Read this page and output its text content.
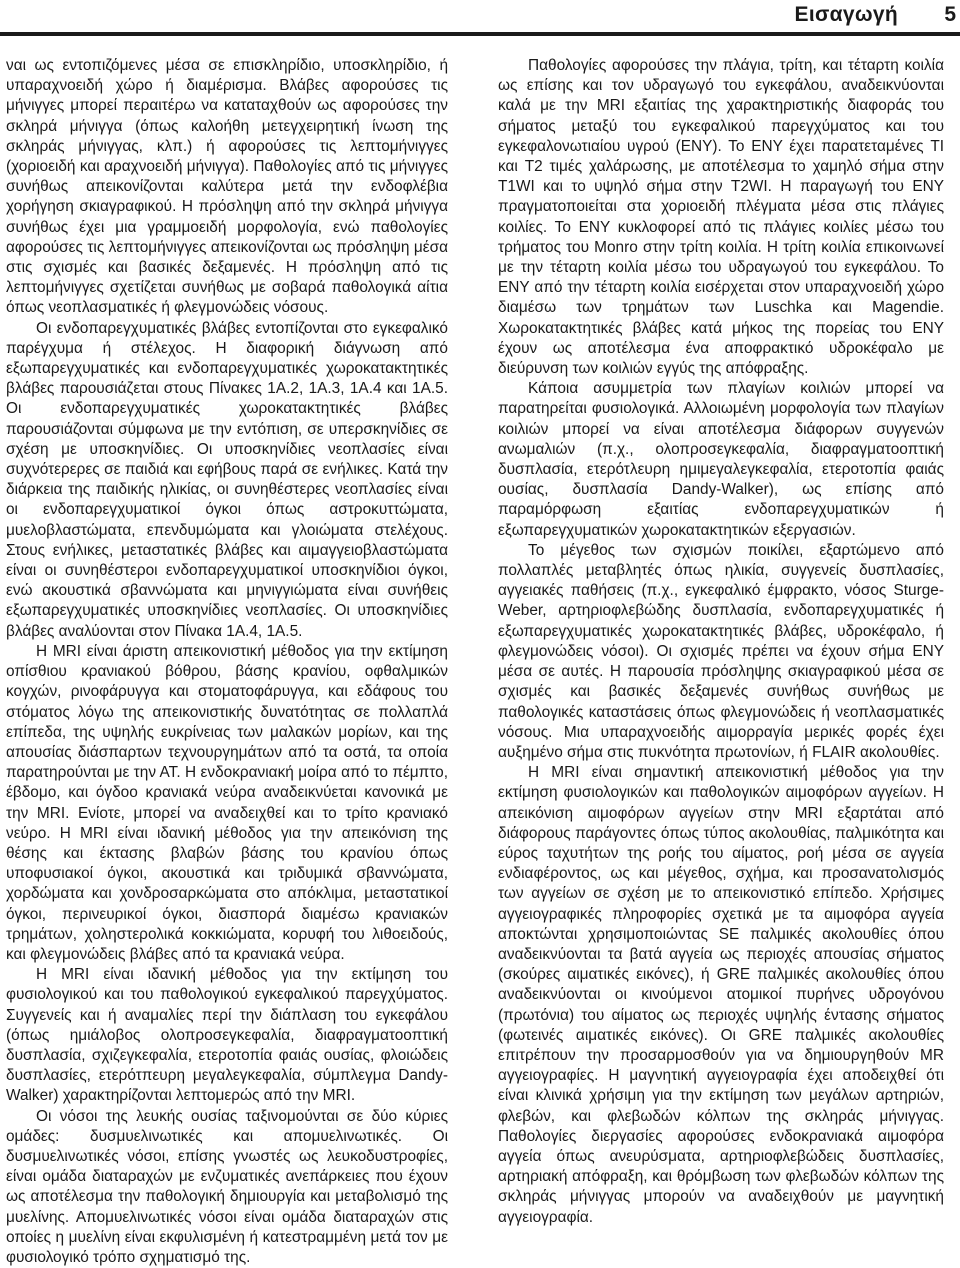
Εισαγωγή 5

ναι ως εντοπιζόμενες μέσα σε επισκληρίδιο, υποσκληρίδιο, ή υπαραχνοειδή χώρο ή διαμέρισμα. Βλάβες αφορούσες τις μήνιγγες μπορεί περαιτέρω να καταταχθούν ως αφορούσες την σκληρά μήνιγγα (όπως καλοήθη μετεγχειρητική ίνωση της σκληράς μήνιγγας, κλπ.) ή αφορούσες τις λεπτομήνιγγες (χοριοειδή και αραχνοειδή μήνιγγα). Παθολογίες από τις μήνιγγες συνήθως απεικονίζονται καλύτερα μετά την ενδοφλέβια χορήγηση σκιαγραφικού. Η πρόσληψη από την σκληρά μήνιγγα συνήθως έχει μια γραμμοειδή μορφολογία, ενώ παθολογίες αφορούσες τις λεπτομήνιγγες απεικονίζονται ως πρόσληψη μέσα στις σχισμές και βασικές δεξαμενές. Η πρόσληψη από τις λεπτομήνιγγες σχετίζεται συνήθως με σοβαρά παθολογικά αίτια όπως νεοπλασματικές ή φλεγμονώδεις νόσους.

Οι ενδοπαρεγχυματικές βλάβες εντοπίζονται στο εγκεφαλικό παρέγχυμα ή στέλεχος. Η διαφορική διάγνωση από εξωπαρεγχυματικές και ενδοπαρεγχυματικές χωροκατακτητικές βλάβες παρουσιάζεται στους Πίνακες 1Α.2, 1Α.3, 1Α.4 και 1Α.5. Οι ενδοπαρεγχυματικές χωροκατακτητικές βλάβες παρουσιάζονται σύμφωνα με την εντόπιση, σε υπερσκηνίδιες σε σχέση με υποσκηνίδιες. Οι υποσκηνίδιες νεοπλασίες είναι συχνότερερες σε παιδιά και εφήβους παρά σε ενήλικες. Κατά την διάρκεια της παιδικής ηλικίας, οι συνηθέστερες νεοπλασίες είναι οι ενδοπαρεγχυματικοί όγκοι όπως αστροκυττώματα, μυελοβλαστώματα, επενδυμώματα και γλοιώματα στελέχους. Στους ενήλικες, μεταστατικές βλάβες και αιμαγγειοβλαστώματα είναι οι συνηθέστεροι ενδοπαρεγχυματικοί υποσκηνίδιοι όγκοι, ενώ ακουστικά σβαννώματα και μηνιγγιώματα είναι συνήθεις εξωπαρεγχυματικές υποσκηνίδιες νεοπλασίες. Οι υποσκηνίδιες βλάβες αναλύονται στον Πίνακα 1Α.4, 1Α.5.

Η MRI είναι άριστη απεικονιστική μέθοδος για την εκτίμηση οπίσθιου κρανιακού βόθρου, βάσης κρανίου, οφθαλμικών κογχών, ρινοφάρυγγα και στοματοφάρυγγα, και εδάφους του στόματος λόγω της απεικονιστικής δυνατότητας σε πολλαπλά επίπεδα, της υψηλής ευκρίνειας των μαλακών μορίων, και της απουσίας διάσπαρτων τεχνουργημάτων από τα οστά, τα οποία παρατηρούνται με την ΑΤ. Η ενδοκρανιακή μοίρα από το πέμπτο, έβδομο, και όγδοο κρανιακά νεύρα αναδεικνύεται κανονικά με την MRI. Ενίοτε, μπορεί να αναδειχθεί και το τρίτο κρανιακό νεύρο. Η MRI είναι ιδανική μέθοδος για την απεικόνιση της θέσης και έκτασης βλαβών βάσης του κρανίου όπως υποφυσιακοί όγκοι, ακουστικά και τριδυμικά σβαννώματα, χορδώματα και χονδροσαρκώματα στο απόκλιμα, μεταστατικοί όγκοι, περινευρικοί όγκοι, διασπορά διαμέσω κρανιακών τρημάτων, χοληστερολικά κοκκιώματα, κορυφή του λιθοειδούς, και φλεγμονώδεις βλάβες από τα κρανιακά νεύρα.

Η MRI είναι ιδανική μέθοδος για την εκτίμηση του φυσιολογικού και του παθολογικού εγκεφαλικού παρεγχύματος. Συγγενείς και ή αναμαλίες περί την διάπλαση του εγκεφάλου (όπως ημιάλοβος ολοπροσεγκεφαλία, διαφραγματοοπτική δυσπλασία, σχιζεγκεφαλία, ετεροτοπία φαιάς ουσίας, φλοιώδεις δυσπλασίες, ετερότπευρη μεγαλεγκεφαλία, σύμπλεγμα Dandy-Walker) χαρακτηρίζονται λεπτομερώς από την MRI.

Οι νόσοι της λευκής ουσίας ταξινομούνται σε δύο κύριες ομάδες: δυσμυελινωτικές και απομυελινωτικές. Οι δυσμυελινωτικές νόσοι, επίσης γνωστές ως λευκοδυστροφίες, είναι ομάδα διαταραχών με ενζυματικές ανεπάρκειες που έχουν ως αποτέλεσμα την παθολογική δημιουργία και μεταβολισμό της μυελίνης. Απομυελινωτικές νόσοι είναι ομάδα διαταραχών στις οποίες η μυελίνη είναι εκφυλισμένη ή κατεστραμμένη μετά τον με φυσιολογικό τρόπο σχηματισμό της.

Παθολογίες αφορούσες την πλάγια, τρίτη, και τέταρτη κοιλία ως επίσης και τον υδραγωγό του εγκεφάλου, αναδεικνύονται καλά με την MRI εξαιτίας της χαρακτηριστικής διαφοράς του σήματος μεταξύ του εγκεφαλικού παρεγχύματος και του εγκεφαλονωτιαίου υγρού (ΕΝΥ). Το ΕΝΥ έχει παρατεταμένες TI και T2 τιμές χαλάρωσης, με αποτέλεσμα το χαμηλό σήμα στην T1WI και το υψηλό σήμα στην T2WI. Η παραγωγή του ΕΝΥ πραγματοποιείται στα χοριοειδή πλέγματα μέσα στις πλάγιες κοιλίες. Το ΕΝΥ κυκλοφορεί από τις πλάγιες κοιλίες μέσω του τρήματος του Monro στην τρίτη κοιλία. Η τρίτη κοιλία επικοινωνεί με την τέταρτη κοιλία μέσω του υδραγωγού του εγκεφάλου. Το ΕΝΥ από την τέταρτη κοιλία εισέρχεται στον υπαραχνοειδή χώρο διαμέσω των τρημάτων των Luschka και Magendie. Χωροκατακτητικές βλάβες κατά μήκος της πορείας του ΕΝΥ έχουν ως αποτέλεσμα ένα αποφρακτικό υδροκέφαλο με διεύρυνση των κοιλιών εγγύς της απόφραξης.

Κάποια ασυμμετρία των πλαγίων κοιλιών μπορεί να παρατηρείται φυσιολογικά. Αλλοιωμένη μορφολογία των πλαγίων κοιλιών μπορεί να είναι αποτέλεσμα διάφορων συγγενών ανωμαλιών (π.χ., ολοπροσεγκεφαλία, διαφραγματοοπτική δυσπλασία, ετερότλευρη ημιμεγαλεγκεφαλία, ετεροτοπία φαιάς ουσίας, δυσπλασία Dandy-Walker), ως επίσης από παραμόρφωση εξαιτίας ενδοπαρεγχυματικών ή εξωπαρεγχυματικών χωροκατακτητικών εξεργασιών.

Το μέγεθος των σχισμών ποικίλει, εξαρτώμενο από πολλαπλές μεταβλητές όπως ηλικία, συγγενείς δυσπλασίες, αγγειακές παθήσεις (π.χ., εγκεφαλικό έμφρακτο, νόσος Sturge-Weber, αρτηριοφλεβώδης δυσπλασία, ενδοπαρεγχυματικές ή εξωπαρεγχυματικές χωροκατακτητικές βλάβες, υδροκέφαλο, ή φλεγμονώδεις νόσοι). Οι σχισμές πρέπει να έχουν σήμα ΕΝΥ μέσα σε αυτές. Η παρουσία πρόσληψης σκιαγραφικού μέσα σε σχισμές και βασικές δεξαμενές συνήθως συνήθως με παθολογικές καταστάσεις όπως φλεγμονώδεις ή νεοπλασματικές νόσους. Μια υπαραχνοειδής αιμορραγία μερικές φορές έχει αυξημένο σήμα στις πυκνότητα πρωτονίων, ή FLAIR ακολουθίες.

Η MRI είναι σημαντική απεικονιστική μέθοδος για την εκτίμηση φυσιολογικών και παθολογικών αιμοφόρων αγγείων. Η απεικόνιση αιμοφόρων αγγείων στην MRI εξαρτάται από διάφορους παράγοντες όπως τύπος ακολουθίας, παλμικότητα και εύρος ταχυτήτων της ροής του αίματος, ροή μέσα σε αγγεία ενδιαφέροντος, ως και μέγεθος, σχήμα, και προσανατολισμός των αγγείων σε σχέση με το απεικονιστικό επίπεδο. Χρήσιμες αγγειογραφικές πληροφορίες σχετικά με τα αιμοφόρα αγγεία αποκτώνται χρησιμοποιώντας SE παλμικές ακολουθίες όπου αναδεικνύονται τα βατά αγγεία ως περιοχές απουσίας σήματος (σκούρες αιματικές εικόνες), ή GRE παλμικές ακολουθίες όπου αναδεικνύονται οι κινούμενοι ατομικοί πυρήνες υδρογόνου (πρωτόνια) του αίματος ως περιοχές υψηλής έντασης σήματος (φωτεινές αιματικές εικόνες). Οι GRE παλμικές ακολουθίες επιτρέπουν την προσαρμοσθούν για να δημιουργηθούν MR αγγειογραφίες. Η μαγνητική αγγειογραφία έχει αποδειχθεί ότι είναι κλινικά χρήσιμη για την εκτίμηση των μεγάλων αρτηριών, φλεβών, και φλεβωδών κόλπων της σκληράς μήνιγγας. Παθολογίες διεργασίες αφορούσες ενδοκρανιακά αιμοφόρα αγγεία όπως ανευρύσματα, αρτηριοφλεβώδεις δυσπλασίες, αρτηριακή απόφραξη, και θρόμβωση των φλεβωδών κόλπων της σκληράς μήνιγγας μπορούν να αναδειχθούν με μαγνητική αγγειογραφία.
